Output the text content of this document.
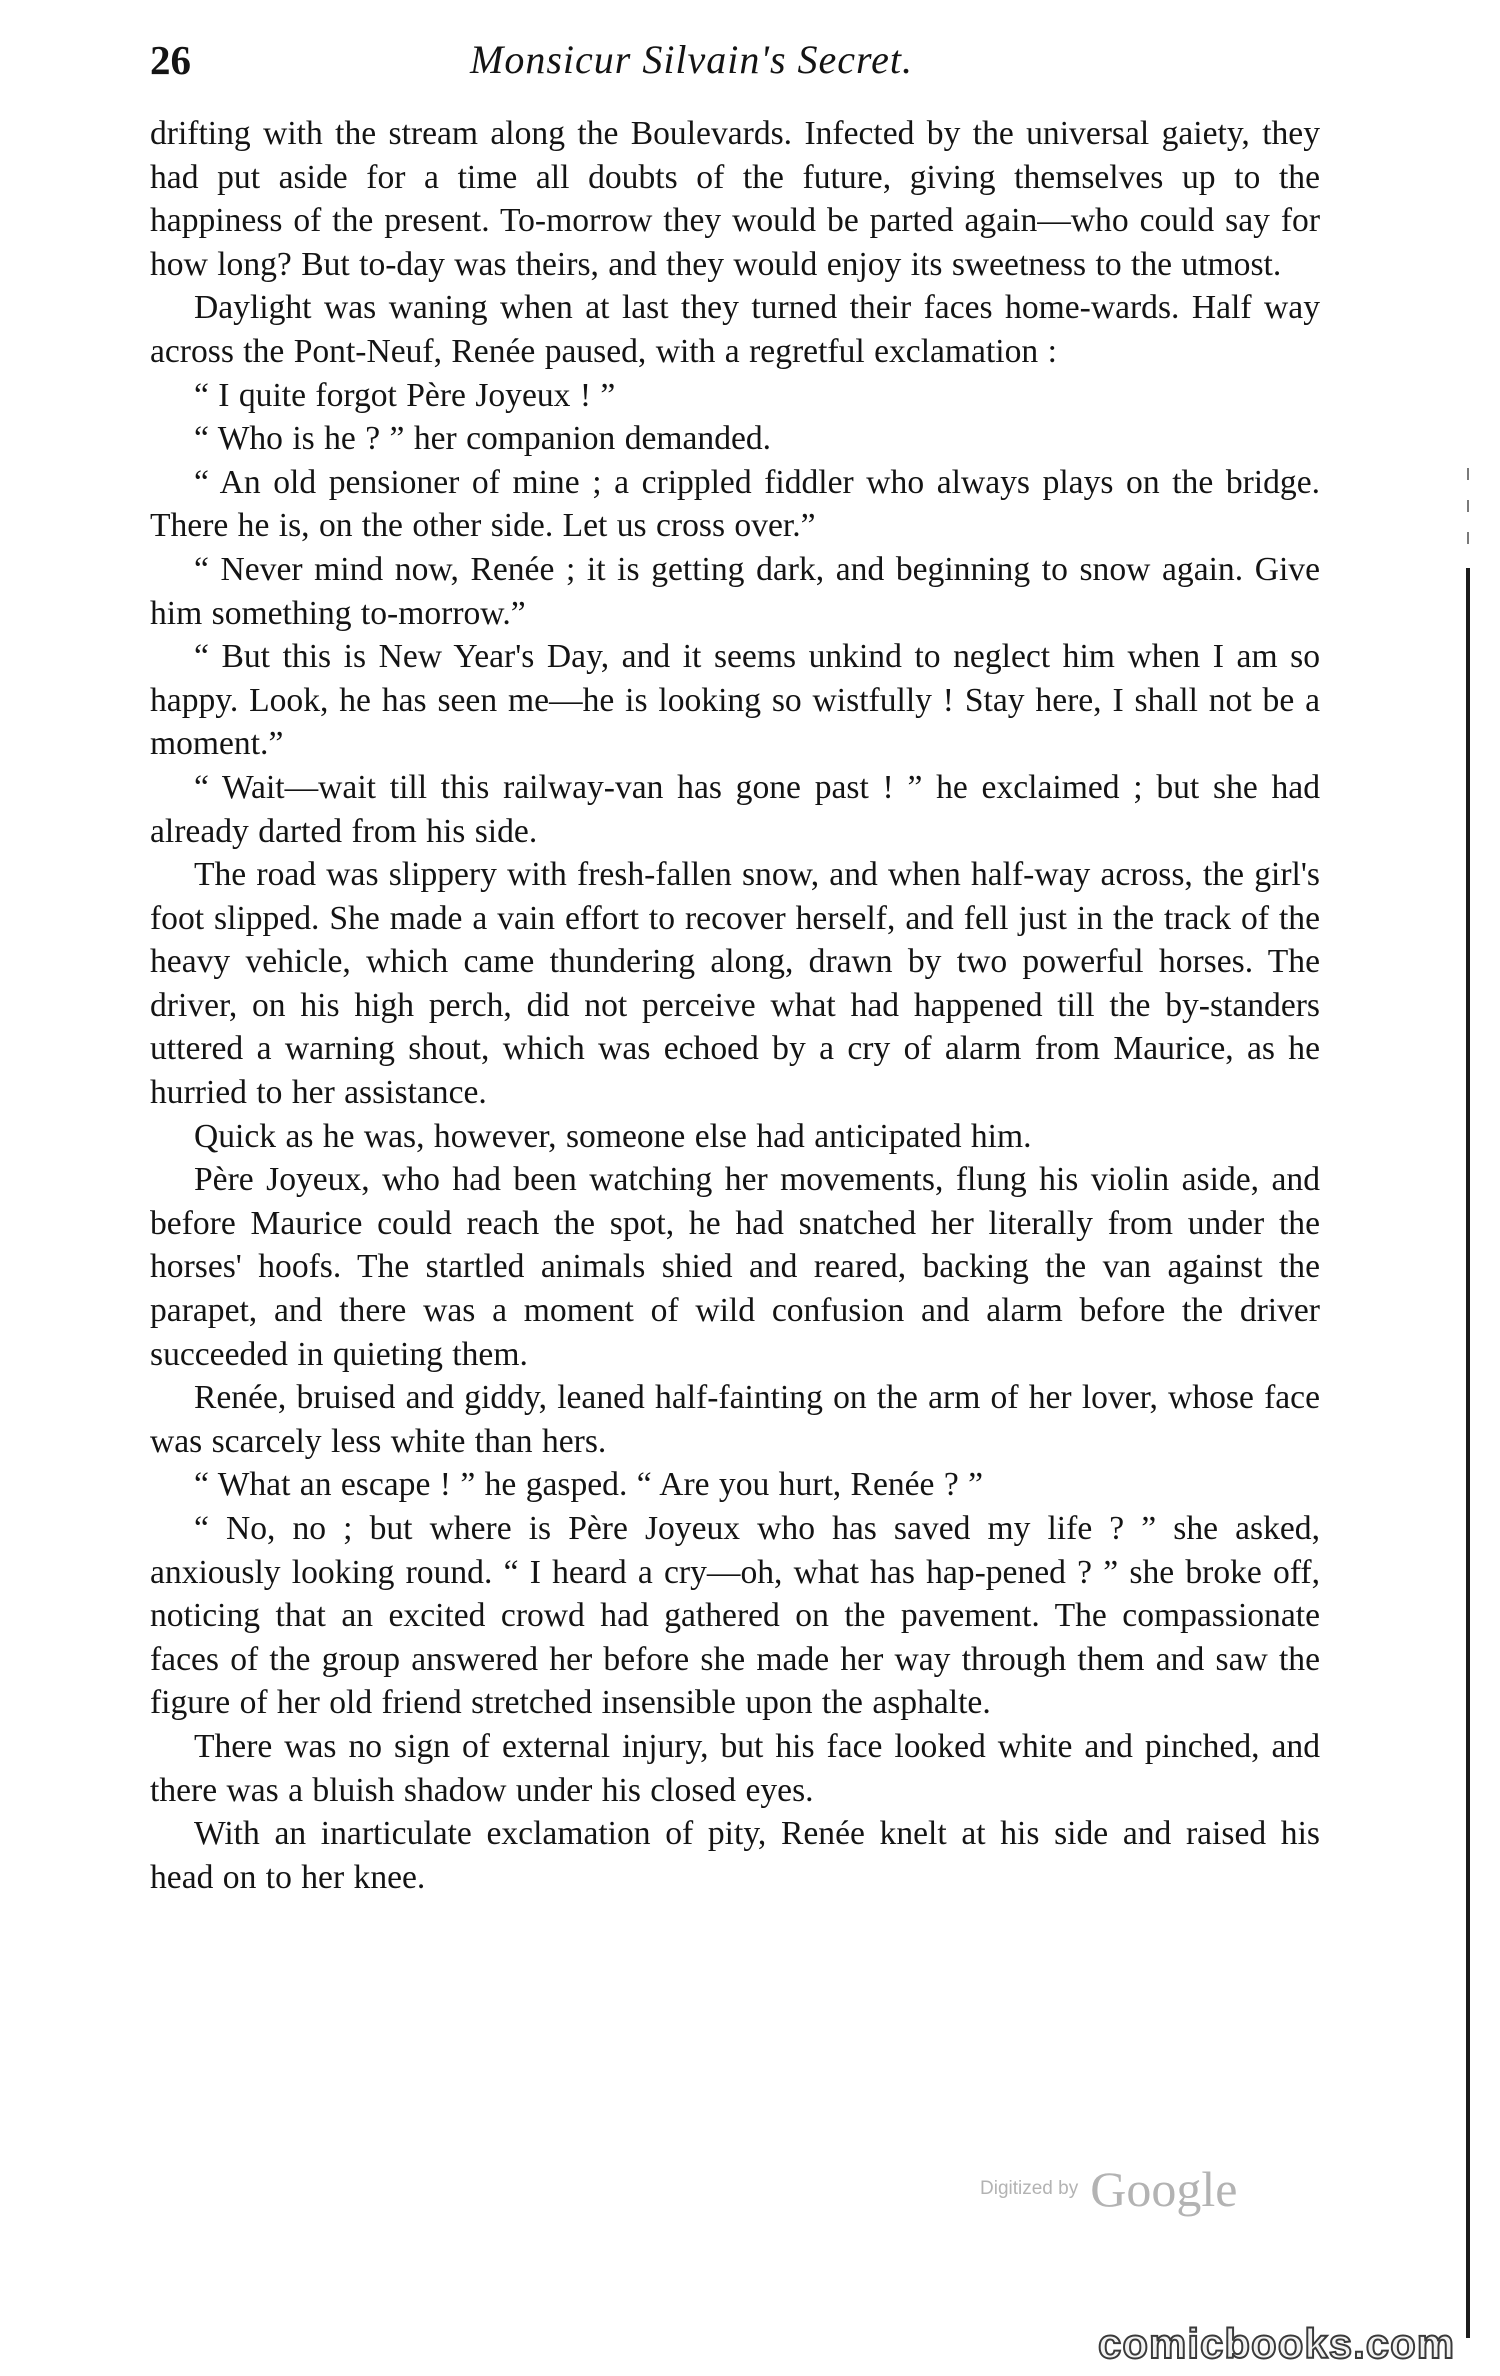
26	Monsicur Silvain's Secret.

drifting with the stream along the Boulevards. Infected by the universal gaiety, they had put aside for a time all doubts of the future, giving themselves up to the happiness of the present. To-morrow they would be parted again—who could say for how long? But to-day was theirs, and they would enjoy its sweetness to the utmost.

Daylight was waning when at last they turned their faces home-wards. Half way across the Pont-Neuf, Renée paused, with a regretful exclamation :

“ I quite forgot Père Joyeux ! ”

“ Who is he ? ” her companion demanded.

“ An old pensioner of mine ; a crippled fiddler who always plays on the bridge. There he is, on the other side. Let us cross over.”

“ Never mind now, Renée ; it is getting dark, and beginning to snow again. Give him something to-morrow.”

“ But this is New Year's Day, and it seems unkind to neglect him when I am so happy. Look, he has seen me—he is looking so wistfully ! Stay here, I shall not be a moment.”

“ Wait—wait till this railway-van has gone past ! ” he exclaimed ; but she had already darted from his side.

The road was slippery with fresh-fallen snow, and when half-way across, the girl's foot slipped. She made a vain effort to recover herself, and fell just in the track of the heavy vehicle, which came thundering along, drawn by two powerful horses. The driver, on his high perch, did not perceive what had happened till the by-standers uttered a warning shout, which was echoed by a cry of alarm from Maurice, as he hurried to her assistance.

Quick as he was, however, someone else had anticipated him.

Père Joyeux, who had been watching her movements, flung his violin aside, and before Maurice could reach the spot, he had snatched her literally from under the horses' hoofs. The startled animals shied and reared, backing the van against the parapet, and there was a moment of wild confusion and alarm before the driver succeeded in quieting them.

Renée, bruised and giddy, leaned half-fainting on the arm of her lover, whose face was scarcely less white than hers.

“ What an escape ! ” he gasped. “ Are you hurt, Renée ? ”

“ No, no ; but where is Père Joyeux who has saved my life ? ” she asked, anxiously looking round. “ I heard a cry—oh, what has hap-pened ? ” she broke off, noticing that an excited crowd had gathered on the pavement. The compassionate faces of the group answered her before she made her way through them and saw the figure of her old friend stretched insensible upon the asphalte.

There was no sign of external injury, but his face looked white and pinched, and there was a bluish shadow under his closed eyes.

With an inarticulate exclamation of pity, Renée knelt at his side and raised his head on to her knee.

Digitized by Google
comicbooks.com
